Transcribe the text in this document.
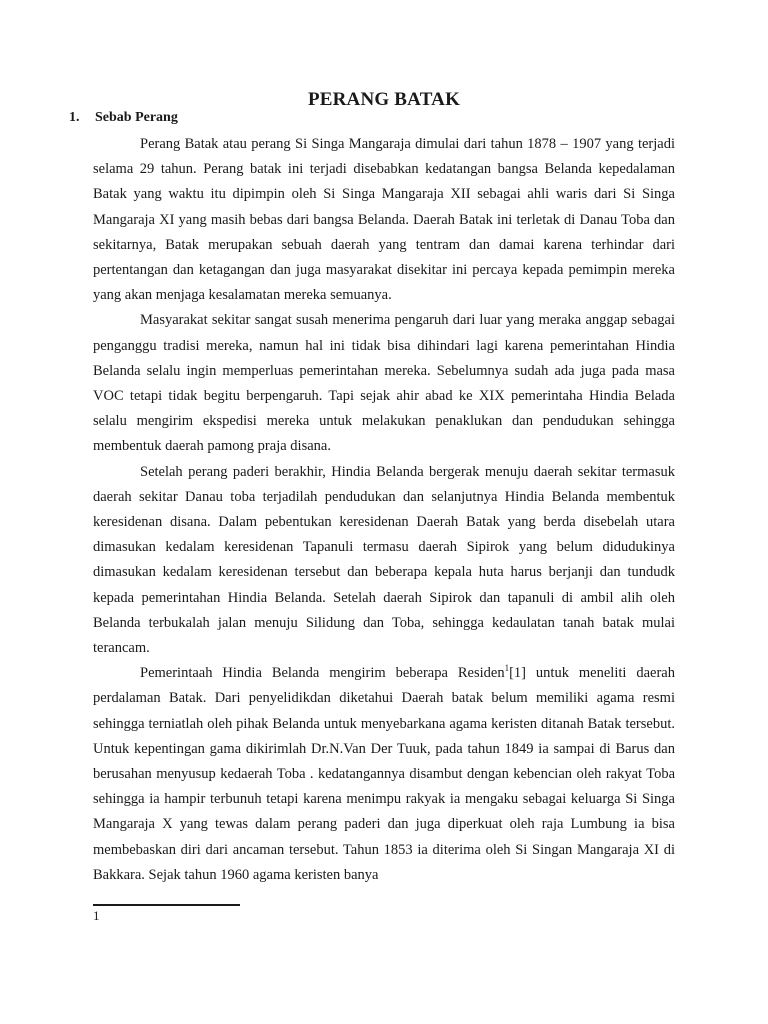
PERANG BATAK
1. Sebab Perang

Perang Batak atau perang Si Singa Mangaraja dimulai dari tahun 1878 – 1907 yang terjadi selama 29 tahun. Perang batak ini terjadi disebabkan kedatangan bangsa Belanda kepedalaman Batak yang waktu itu dipimpin oleh Si Singa Mangaraja XII sebagai ahli waris dari Si Singa Mangaraja XI yang masih bebas dari bangsa Belanda. Daerah Batak ini terletak di Danau Toba dan sekitarnya, Batak merupakan sebuah daerah yang tentram dan damai karena terhindar dari pertentangan dan ketagangan dan juga masyarakat disekitar ini percaya kepada pemimpin mereka yang akan menjaga kesalamatan mereka semuanya.

Masyarakat sekitar sangat susah menerima pengaruh dari luar yang meraka anggap sebagai penganggu tradisi mereka, namun hal ini tidak bisa dihindari lagi karena pemerintahan Hindia Belanda selalu ingin memperluas pemerintahan mereka. Sebelumnya sudah ada juga pada masa VOC tetapi tidak begitu berpengaruh. Tapi sejak ahir abad ke XIX pemerintaha Hindia Belada selalu mengirim ekspedisi mereka untuk melakukan penaklukan dan pendudukan sehingga membentuk daerah pamong praja disana.

Setelah perang paderi berakhir, Hindia Belanda bergerak menuju daerah sekitar termasuk daerah sekitar Danau toba terjadilah pendudukan dan selanjutnya Hindia Belanda membentuk keresidenan disana. Dalam pebentukan keresidenan Daerah Batak yang berda disebelah utara dimasukan kedalam keresidenan Tapanuli termasu daerah Sipirok yang belum didudukinya dimasukan kedalam keresidenan tersebut dan beberapa kepala huta harus berjanji dan tundudk kepada pemerintahan Hindia Belanda. Setelah daerah Sipirok dan tapanuli di ambil alih oleh Belanda terbukalah jalan menuju Silidung dan Toba, sehingga kedaulatan tanah batak mulai terancam.

Pemerintaah Hindia Belanda mengirim beberapa Residen$^1$[1] untuk meneliti daerah perdalaman Batak. Dari penyelidikdan diketahui Daerah batak belum memiliki agama resmi sehingga terniatlah oleh pihak Belanda untuk menyebarkana agama keristen ditanah Batak tersebut. Untuk kepentingan gama dikirimlah Dr.N.Van Der Tuuk, pada tahun 1849 ia sampai di Barus dan berusahan menyusup kedaerah Toba . kedatangannya disambut dengan kebencian oleh rakyat Toba sehingga ia hampir terbunuh tetapi karena menimpu rakyak ia mengaku sebagai keluarga Si Singa Mangaraja X yang tewas dalam perang paderi dan juga diperkuat oleh raja Lumbung ia bisa membebaskan diri dari ancaman tersebut. Tahun 1853 ia diterima oleh Si Singan Mangaraja XI di Bakkara. Sejak tahun 1960 agama keristen banya

1
